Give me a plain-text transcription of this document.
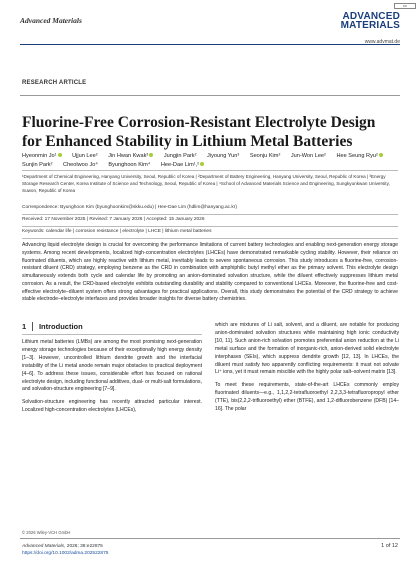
cc
Advanced Materials	ADVANCED
MATERIALS
www.advmat.de
RESEARCH ARTICLE
Fluorine-Free Corrosion-Resistant Electrolyte Design for Enhanced Stability in Lithium Metal Batteries
Hyeonmin Jo¹	Ujjun Lee² Jin Hwan Kwak³	Jungjin Park² Jiyoung Yun³ Seonju Kim² Jun-Won Lee² Hee Seung Ryu² Sunjin Park² Cheolwoo Jo⁴ Byunghoon Kim⁴ Hee-Dae Lim¹,²
¹Department of Chemical Engineering, Hanyang University, Seoul, Republic of Korea | ²Department of Battery Engineering, Hanyang University, Seoul, Republic of Korea | ³Energy Storage Research Center, Korea Institute of Science and Technology, Seoul, Republic of Korea | ⁴School of Advanced Materials Science and Engineering, Sungkyunkwan University, Suwon, Republic of Korea
Correspondence: Byunghoon Kim (byunghoonkim@skku.edu) | Hee-Dae Lim (hdlim@hanyang.ac.kr)
Received: 17 November 2025 | Revised: 7 January 2026 | Accepted: 15 January 2026
Keywords: calendar life | corrosion resistance | electrolyte | LHCE | lithium metal batteries

Advancing liquid electrolyte design is crucial for overcoming the performance limitations of current battery technologies and enabling next-generation energy storage systems. Among recent developments, localized high-concentration electrolytes (LHCEs) have demonstrated remarkable cycling stability. However, their reliance on fluorinated diluents, which are highly reactive with lithium metal, inevitably leads to severe spontaneous corrosion. This study introduces a fluorine-free, corrosion-resistant diluent (CRD) strategy, employing benzene as the CRD in combination with amphiphilic butyl methyl ether as the primary solvent. This electrolyte design simultaneously extends both cycle and calendar life by promoting an anion-dominated solvation structure, while the diluent effectively suppresses lithium metal corrosion. As a result, the CRD-based electrolyte exhibits outstanding durability and stability compared to conventional LHCEs. Moreover, the fluorine-free and cost-effective electrolyte–diluent system offers strong advantages for practical applications. Overall, this study demonstrates the potential of the CRD strategy to achieve stable electrode–electrolyte interfaces and provides broader insights for diverse battery chemistries.

1 Introduction

Lithium metal batteries (LMBs) are among the most promising next-generation energy storage technologies because of their exceptionally high energy density [1–3]. However, uncontrolled lithium dendrite growth and the interfacial instability of the Li metal anode remain major obstacles to practical deployment [4–6]. To address these issues, considerable effort has focused on rational electrolyte design, including functional additives, dual- or multi-salt formulations, and solvation-structure engineering [7–9].

Solvation-structure engineering has recently attracted particular interest. Localized high-concentration electrolytes (LHCEs),

which are mixtures of Li salt, solvent, and a diluent, are notable for producing anion-dominated solvation structures while maintaining high ionic conductivity [10, 11]. Such anion-rich solvation promotes preferential anion reduction at the Li metal surface and the formation of inorganic-rich, anion-derived solid electrolyte interphases (SEIs), which suppress dendrite growth [12, 13]. In LHCEs, the diluent must satisfy two apparently conflicting requirements: it must not solvate Li⁺ ions, yet it must remain miscible with the highly polar salt–solvent matrix [13].

To meet these requirements, state-of-the-art LHCEs commonly employ fluorinated diluents—e.g., 1,1,2,2-tetrafluoroethyl 2,2,3,3-tetrafluoropropyl ether (TTE), bis(2,2,2-trifluoroethyl) ether (BTFE), and 1,2-difluorobenzene (DFB) [14–16]. The polar

© 2026 Wiley-VCH GmbH
Advanced Materials, 2026; 38:e22875
https://doi.org/10.1002/adma.202522875
1 of 12
